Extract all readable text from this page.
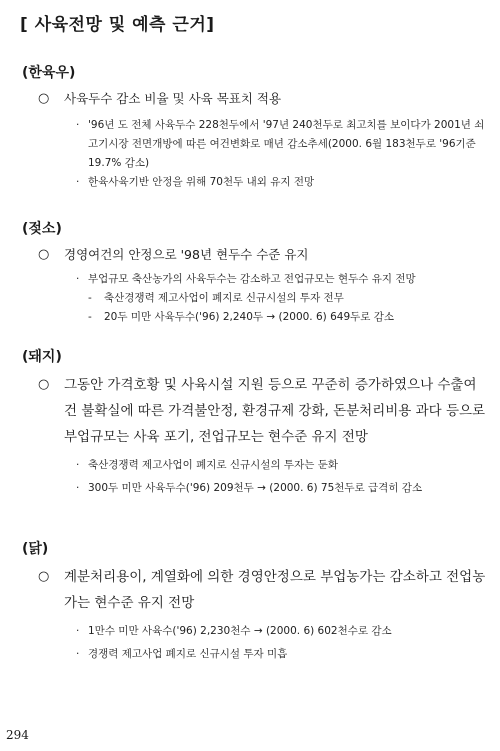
[ 사육전망 및 예측 근거]
(한육우)
○ 사육두수 감소 비율 및 사육 목표치 적용
· '96년 도 전체 사육두수 228천두에서 '97년 240천두로 최고치를 보이다가 2001년 쇠고기시장 전면개방에 따른 여건변화로 매년 감소추세(2000. 6월 183천두로 '96기준 19.7% 감소)
· 한육사육기반 안정을 위해 70천두 내외 유지 전망
(젖소)
○ 경영여건의 안정으로 '98년 현두수 수준 유지
· 부업규모 축산농가의 사육두수는 감소하고 전업규모는 현두수 유지 전망
- 축산경쟁력 제고사업이 폐지로 신규시설의 투자 전무
- 20두 미만 사육두수('96) 2,240두 → (2000. 6) 649두로 감소
(돼지)
○ 그동안 가격호황 및 사육시설 지원 등으로 꾸준히 증가하였으나 수출여건 불확실에 따른 가격불안정, 환경규제 강화, 돈분처리비용 과다 등으로 부업규모는 사육 포기, 전업규모는 현수준 유지 전망
· 축산경쟁력 제고사업이 폐지로 신규시설의 투자는 둔화
· 300두 미만 사육두수('96) 209천두 → (2000. 6) 75천두로 급격히 감소
(닭)
○ 계분처리용이, 계열화에 의한 경영안정으로 부업농가는 감소하고 전업농가는 현수준 유지 전망
· 1만수 미만 사육수('96) 2,230천수 → (2000. 6) 602천수로 감소
· 경쟁력 제고사업 폐지로 신규시설 투자 미흡
294
